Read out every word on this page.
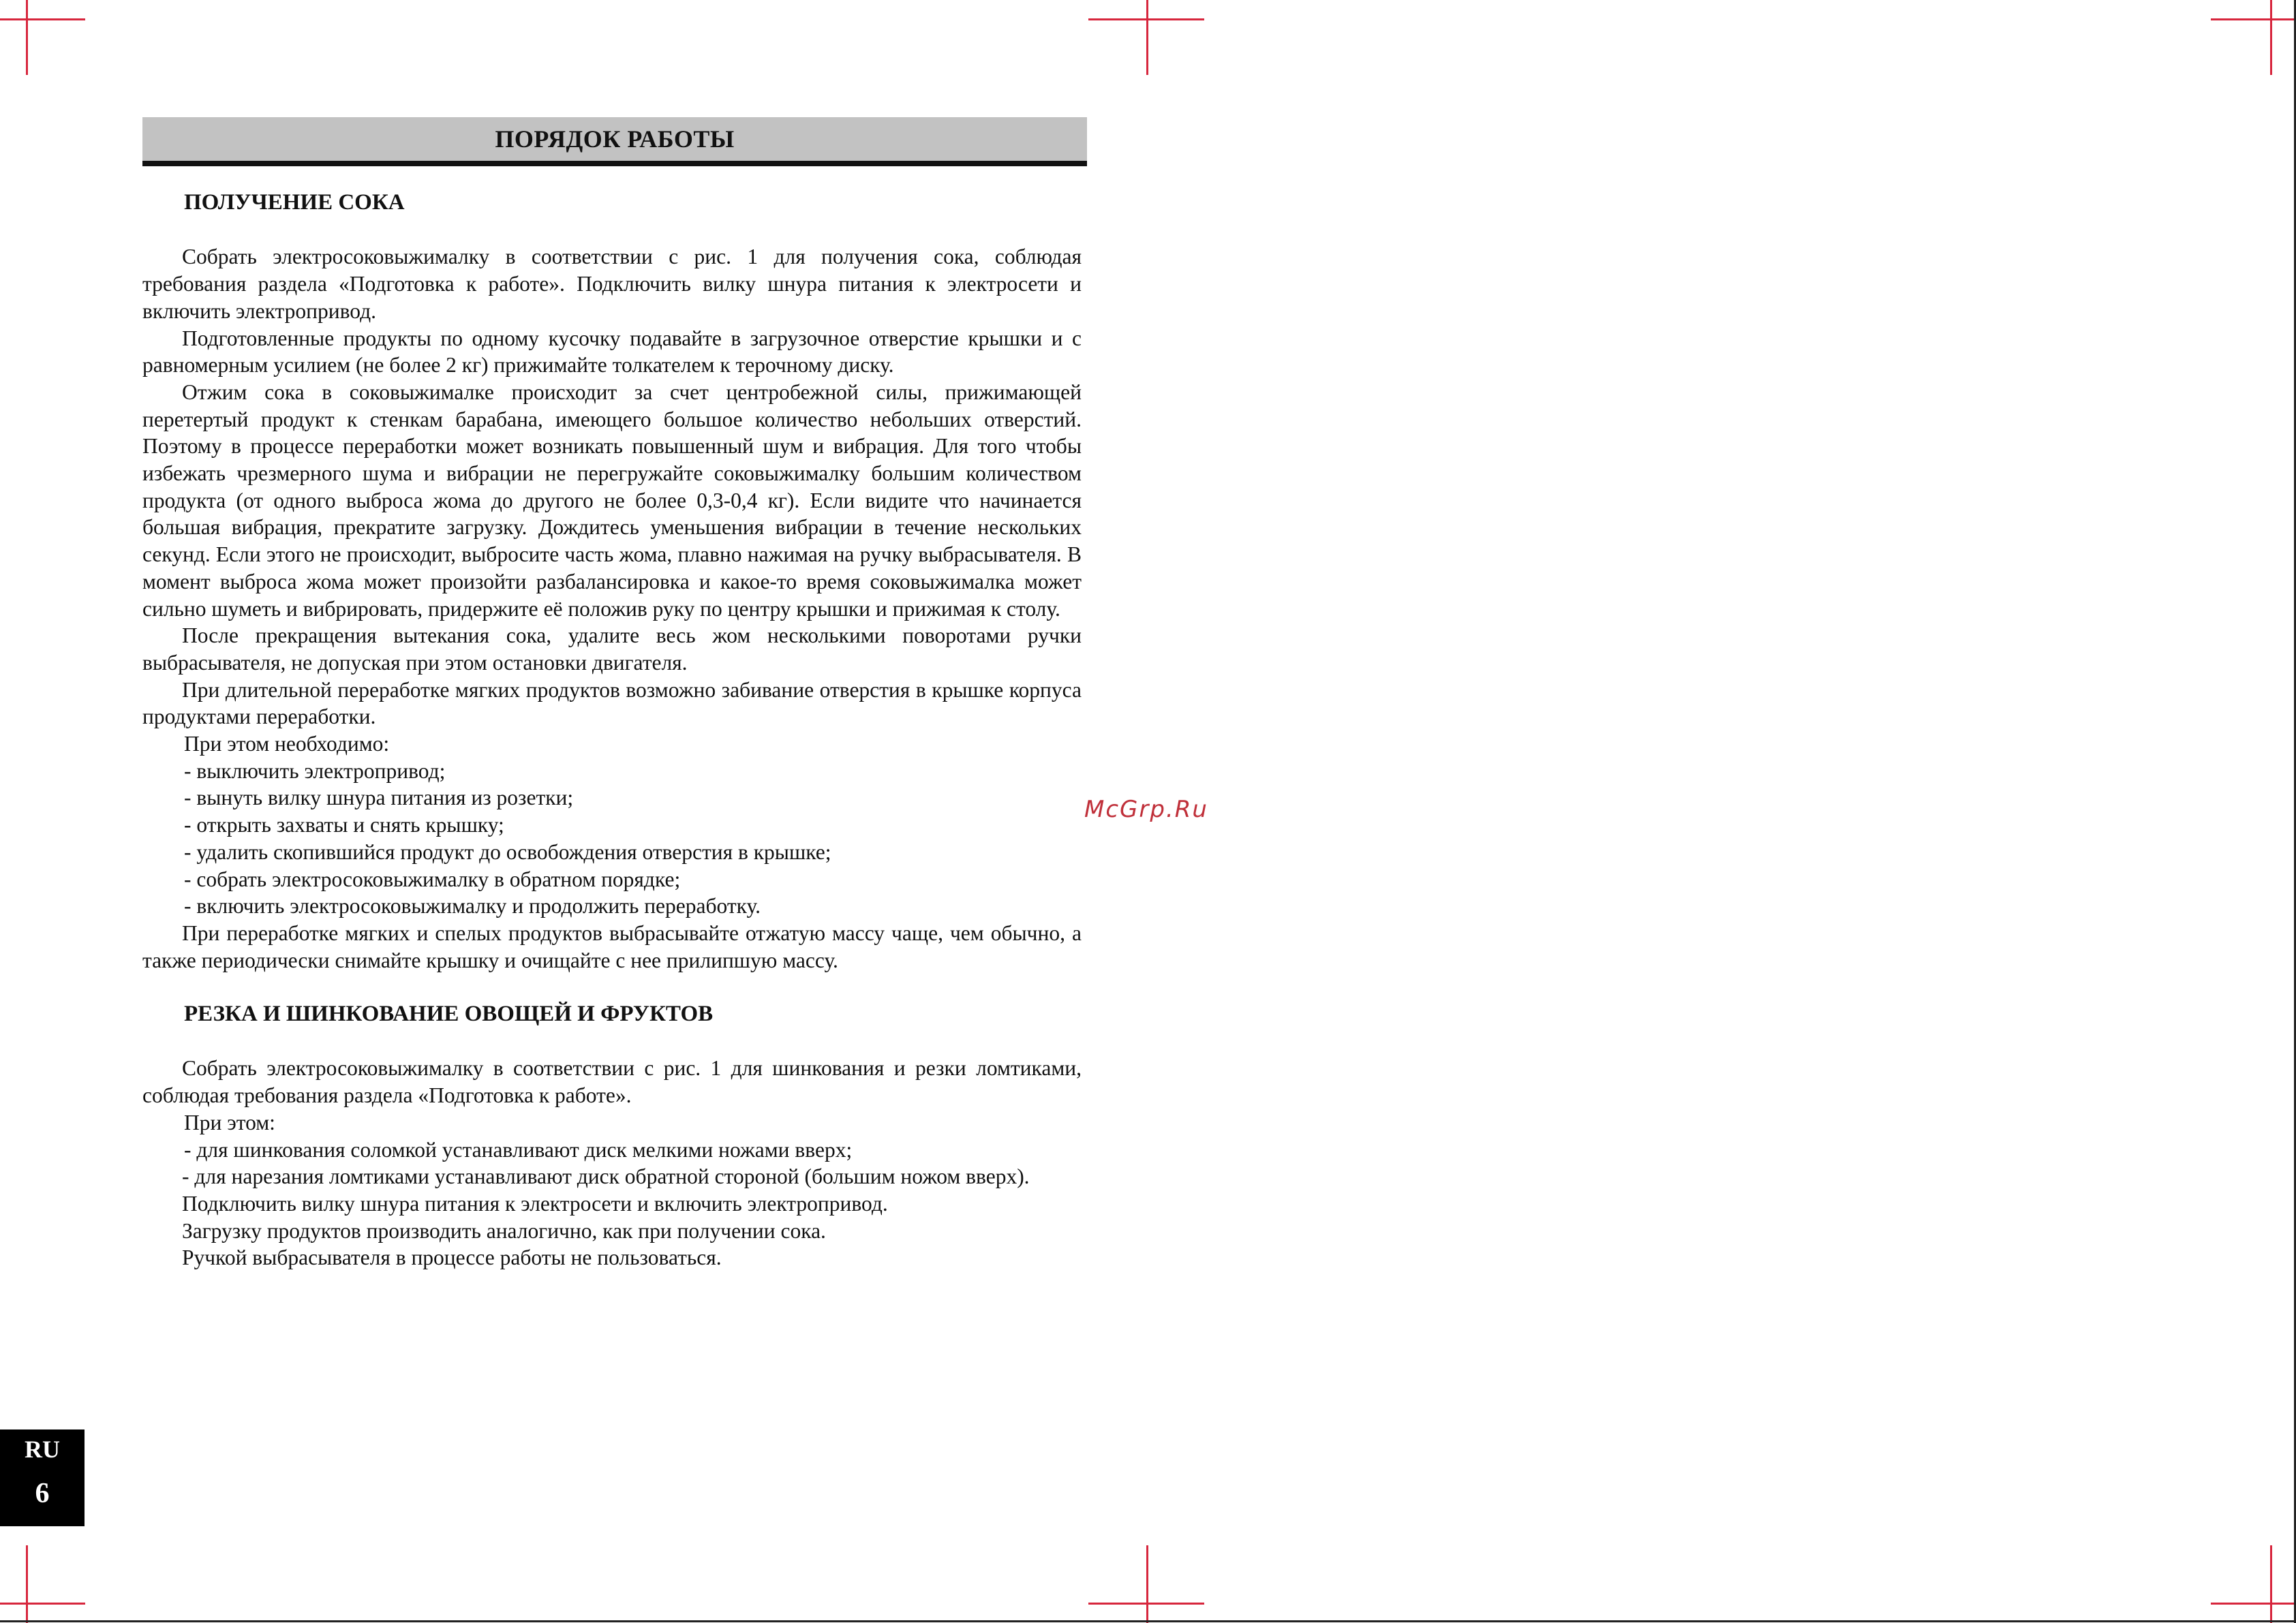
ПОРЯДОК РАБОТЫ
ПОЛУЧЕНИЕ СОКА

Собрать электросоковыжималку в соответствии с рис. 1 для получения сока, соблюдая требования раздела «Подготовка к работе». Подключить вилку шнура питания к электросети и включить электропривод.

Подготовленные продукты по одному кусочку подавайте в загрузочное отверстие крышки и с равномерным усилием (не более 2 кг) прижимайте толкателем к терочному диску.

Отжим сока в соковыжималке происходит за счет центробежной силы, прижимающей перетертый продукт к стенкам барабана, имеющего большое количество небольших отверстий. Поэтому в процессе переработки может возникать повышенный шум и вибрация. Для того чтобы избежать чрезмерного шума и вибрации не перегружайте соковыжималку большим количеством продукта (от одного выброса жома до другого не более 0,3-0,4 кг). Если видите что начинается большая вибрация, прекратите загрузку. Дождитесь уменьшения вибрации в течение нескольких секунд. Если этого не происходит, выбросите часть жома, плавно нажимая на ручку выбрасывателя. В момент выброса жома может произойти разбалансировка и какое-то время соковыжималка может сильно шуметь и вибрировать, придержите её положив руку по центру крышки и прижимая к столу.

После прекращения вытекания сока, удалите весь жом несколькими поворотами ручки выбрасывателя, не допуская при этом остановки двигателя.

При длительной переработке мягких продуктов возможно забивание отверстия в крышке корпуса продуктами переработки.

При этом необходимо:

- выключить электропривод;

- вынуть вилку шнура питания из розетки;

- открыть захваты и снять крышку;

- удалить скопившийся продукт до освобождения отверстия в крышке;

- собрать электросоковыжималку в обратном порядке;

- включить электросоковыжималку и продолжить переработку.

При переработке мягких и спелых продуктов выбрасывайте отжатую массу чаще, чем обычно, а также периодически снимайте крышку и очищайте с нее прилипшую массу.

РЕЗКА И ШИНКОВАНИЕ ОВОЩЕЙ И ФРУКТОВ

Собрать электросоковыжималку в соответствии с рис. 1 для шинкования и резки ломтиками, соблюдая требования раздела «Подготовка к работе».

При этом:

- для шинкования соломкой устанавливают диск мелкими ножами вверх;

- для нарезания ломтиками устанавливают диск обратной стороной (большим ножом вверх).

Подключить вилку шнура питания к электросети и включить электропривод.

Загрузку продуктов производить аналогично, как при получении сока.

Ручкой выбрасывателя в процессе работы не пользоваться.

McGrp.Ru
RU
6
